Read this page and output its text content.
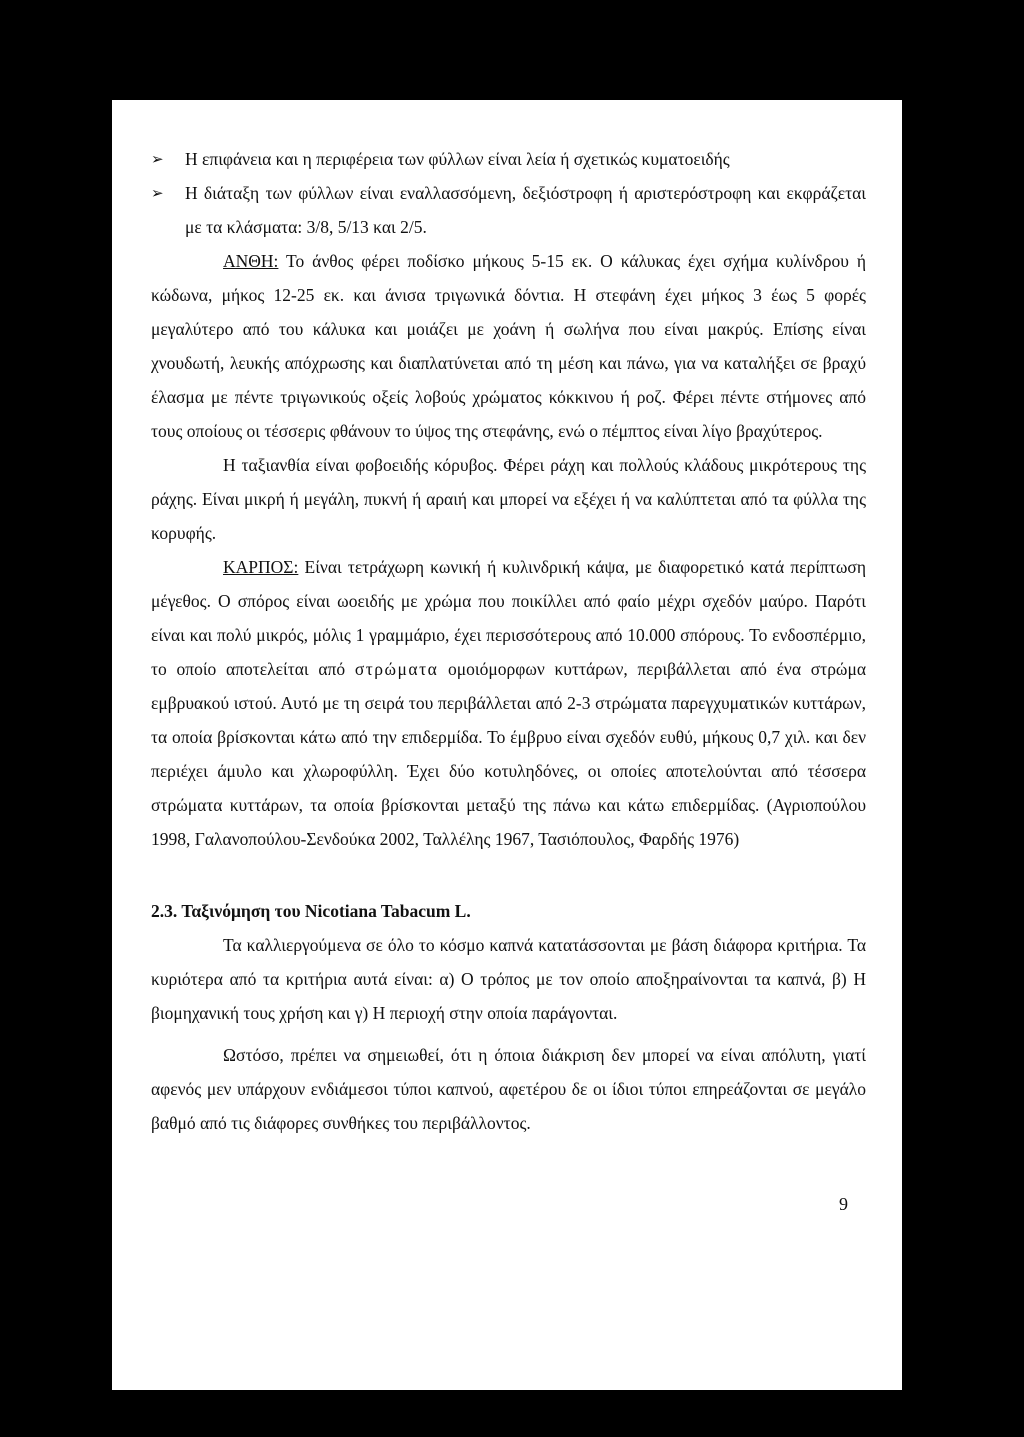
➢ Η επιφάνεια και η περιφέρεια των φύλλων είναι λεία ή σχετικώς κυματοειδής
➢ Η διάταξη των φύλλων είναι εναλλασσόμενη, δεξιόστροφη ή αριστερόστροφη και εκφράζεται με τα κλάσματα: 3/8, 5/13 και 2/5.

ΑΝΘΗ: Το άνθος φέρει ποδίσκο μήκους 5-15 εκ. Ο κάλυκας έχει σχήμα κυλίνδρου ή κώδωνα, μήκος 12-25 εκ. και άνισα τριγωνικά δόντια. Η στεφάνη έχει μήκος 3 έως 5 φορές μεγαλύτερο από του κάλυκα και μοιάζει με χοάνη ή σωλήνα που είναι μακρύς. Επίσης είναι χνουδωτή, λευκής απόχρωσης και διαπλατύνεται από τη μέση και πάνω, για να καταλήξει σε βραχύ έλασμα με πέντε τριγωνικούς οξείς λοβούς χρώματος κόκκινου ή ροζ. Φέρει πέντε στήμονες από τους οποίους οι τέσσερις φθάνουν το ύψος της στεφάνης, ενώ ο πέμπτος είναι λίγο βραχύτερος.

Η ταξιανθία είναι φοβοειδής κόρυβος. Φέρει ράχη και πολλούς κλάδους μικρότερους της ράχης. Είναι μικρή ή μεγάλη, πυκνή ή αραιή και μπορεί να εξέχει ή να καλύπτεται από τα φύλλα της κορυφής.

ΚΑΡΠΟΣ: Είναι τετράχωρη κωνική ή κυλινδρική κάψα, με διαφορετικό κατά περίπτωση μέγεθος. Ο σπόρος είναι ωοειδής με χρώμα που ποικίλλει από φαίο μέχρι σχεδόν μαύρο. Παρότι είναι και πολύ μικρός, μόλις 1 γραμμάριο, έχει περισσότερους από 10.000 σπόρους. Το ενδοσπέρμιο, το οποίο αποτελείται από στρώματα ομοιόμορφων κυττάρων, περιβάλλεται από ένα στρώμα εμβρυακού ιστού. Αυτό με τη σειρά του περιβάλλεται από 2-3 στρώματα παρεγχυματικών κυττάρων, τα οποία βρίσκονται κάτω από την επιδερμίδα. Το έμβρυο είναι σχεδόν ευθύ, μήκους 0,7 χιλ. και δεν περιέχει άμυλο και χλωροφύλλη. Έχει δύο κοτυληδόνες, οι οποίες αποτελούνται από τέσσερα στρώματα κυττάρων, τα οποία βρίσκονται μεταξύ της πάνω και κάτω επιδερμίδας. (Αγριοπούλου 1998, Γαλανοπούλου-Σενδούκα 2002, Ταλλέλης 1967, Τασιόπουλος, Φαρδής 1976)

2.3. Ταξινόμηση του Nicotiana Tabacum L.

Τα καλλιεργούμενα σε όλο το κόσμο καπνά κατατάσσονται με βάση διάφορα κριτήρια. Τα κυριότερα από τα κριτήρια αυτά είναι: α) Ο τρόπος με τον οποίο αποξηραίνονται τα καπνά, β) Η βιομηχανική τους χρήση και γ) Η περιοχή στην οποία παράγονται.

Ωστόσο, πρέπει να σημειωθεί, ότι η όποια διάκριση δεν μπορεί να είναι απόλυτη, γιατί αφενός μεν υπάρχουν ενδιάμεσοι τύποι καπνού, αφετέρου δε οι ίδιοι τύποι επηρεάζονται σε μεγάλο βαθμό από τις διάφορες συνθήκες του περιβάλλοντος.

9
